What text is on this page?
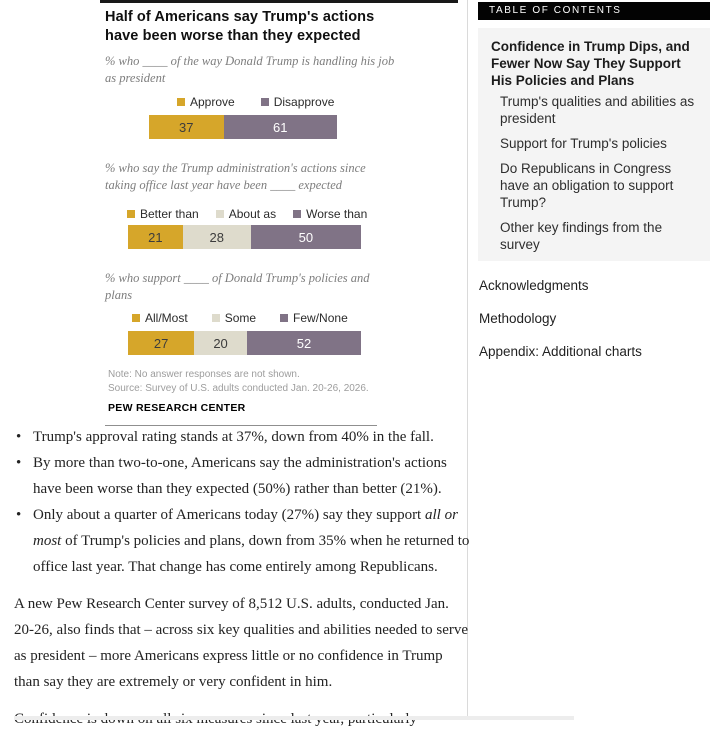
Half of Americans say Trump's actions
have been worse than they expected
% who ____ of the way Donald Trump is handling his job
as president
Approve	Disapprove
37	61
% who say the Trump administration's actions since
taking office last year have been ____ expected
Better than	About as	Worse than
21	28	50
% who support ____ of Donald Trump's policies and
plans
All/Most	Some	Few/None
27	20	52
Note: No answer responses are not shown.
Source: Survey of U.S. adults conducted Jan. 20-26, 2026.
PEW RESEARCH CENTER
• Trump's approval rating stands at 37%, down from 40% in the fall.
• By more than two-to-one, Americans say the administration's actions have been worse than they expected (50%) rather than better (21%).
• Only about a quarter of Americans today (27%) say they support all or most of Trump's policies and plans, down from 35% when he returned to office last year. That change has come entirely among Republicans.

A new Pew Research Center survey of 8,512 U.S. adults, conducted Jan. 20-26, also finds that – across six key qualities and abilities needed to serve as president – more Americans express little or no confidence in Trump than say they are extremely or very confident in him.

TABLE OF CONTENTS
Confidence in Trump Dips, and Fewer Now Say They Support His Policies and Plans
Trump's qualities and abilities as president
Support for Trump's policies
Do Republicans in Congress have an obligation to support Trump?
Other key findings from the survey
Acknowledgments
Methodology
Appendix: Additional charts
